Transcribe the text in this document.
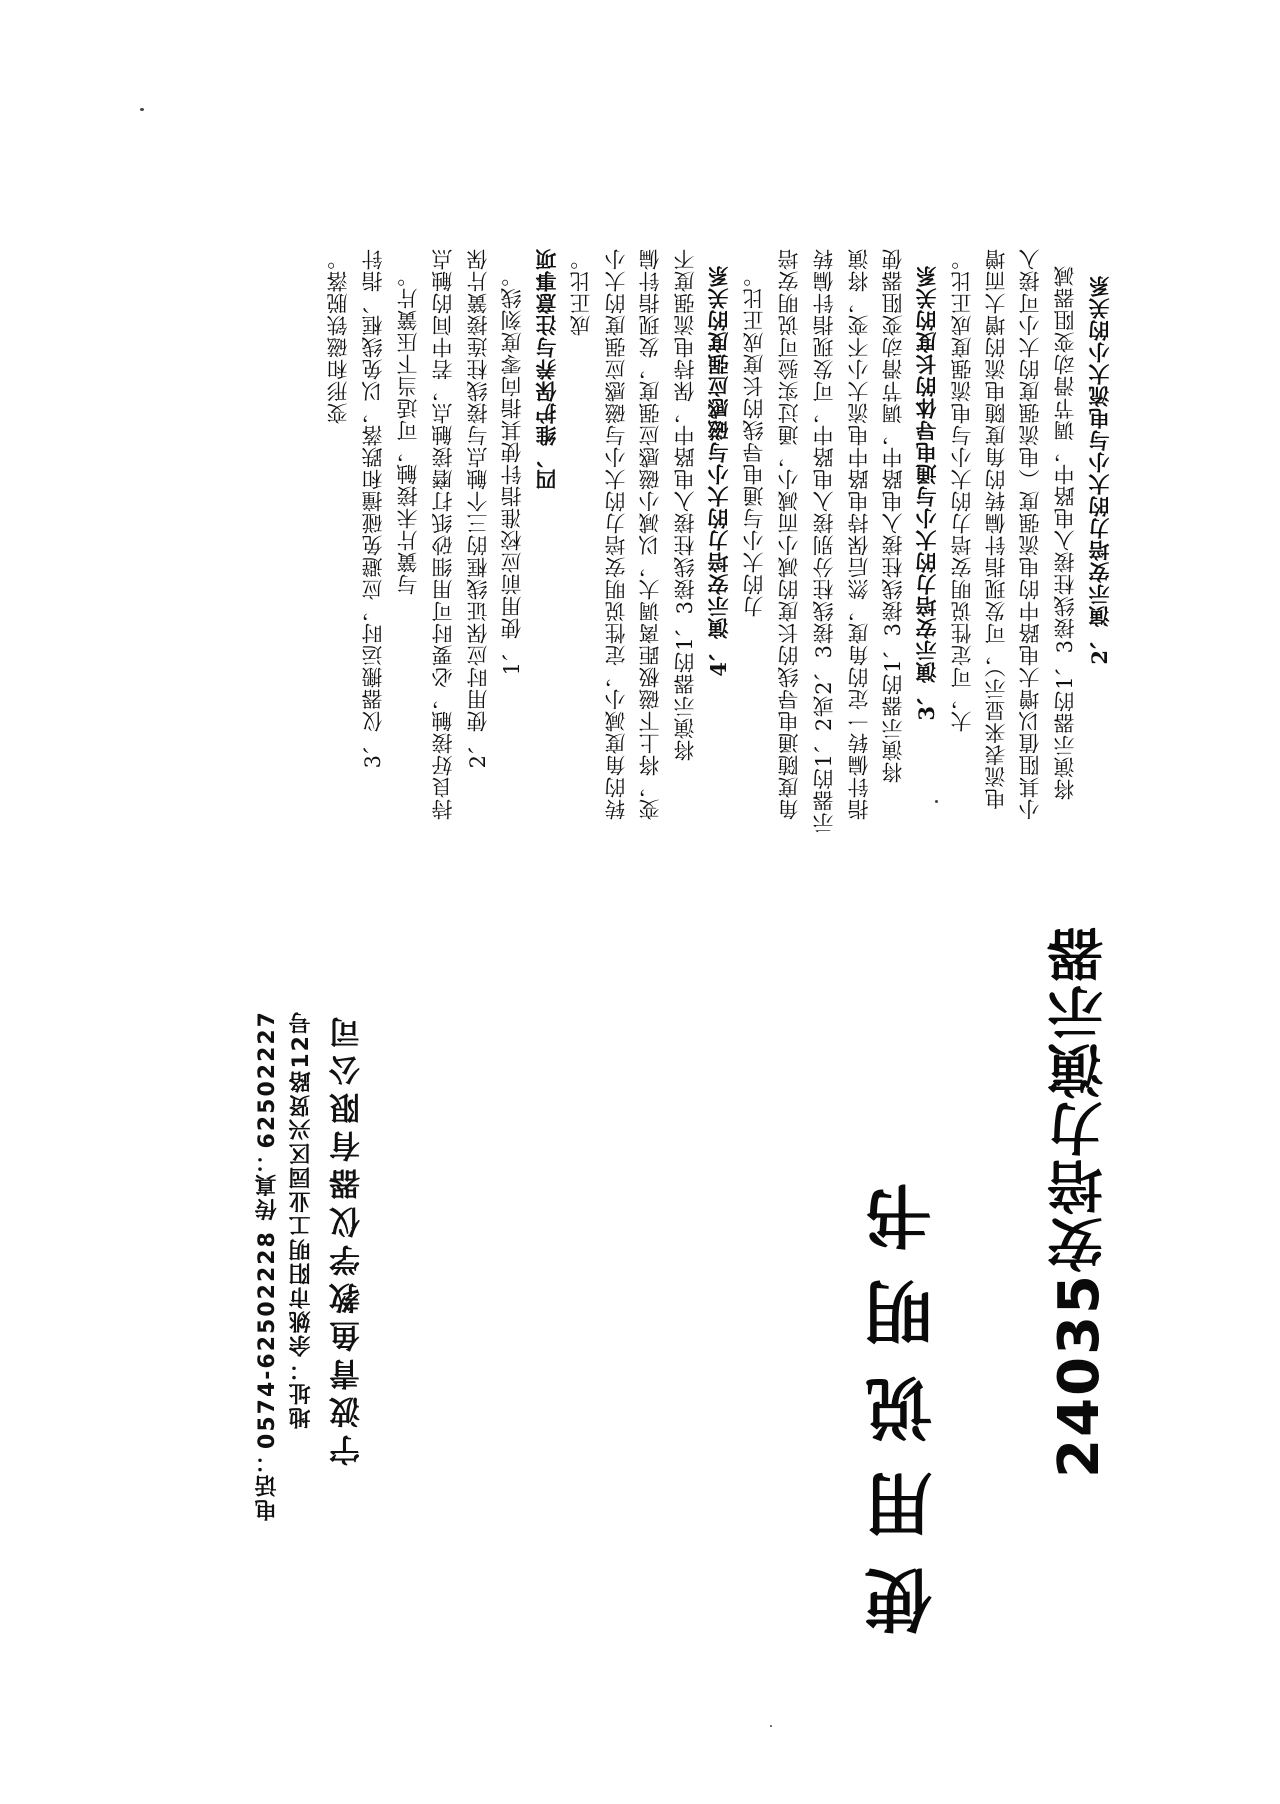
2、演示安培力的大小与电流大小的关系
将演示器的1、3接线柱接入电路中，调节滑动变阻器减
小其阻值以增大电路中的电流强度（电流强度的大小可接入
电流表来显示），可发现指针偏转的角度随电流的增大而增
大，可定性说明安培力的大小与电流强度成正比。
3、演示安培力的大小与通电导体的长度的关系
将演示器的1、3接线柱接入电路中，调节滑动变阻器使
指针偏转一定的角度，然后保持电路中电流大小不变，将演
示器的1、2或2、3接线柱分别接入电路中，可发现指针偏转
角度随通电导线的长度的减小而减小，通过实验可说明安培
力的大小与通电导线的长度成正比。
4、演示安培力的大小与磁感应强度的关系
将演示器的1、3接线柱接入电路中，保持电流强度不
变，将上下磁极距离调大，以减小磁感应强度，发现指针偏
转的角度减小，定性说明安培力的大小与磁感应强度的大小
成正比。
四、维护保养与注意事项
1、使用前应校准指针使其指向零度刻线。
2、使用时应保证线框的三个触点与接线柱连接簧片保
持良好接触，必要时可用细砂纸打磨接触点，若中间的触点
与簧片未接触，可适当下压簧片。
3、仪器搬运时，应避免碰撞和跌落，以免线框、指针
变形和磁铁脱落。
24035安培力演示器
使用说明书
宁波青鱼教学仪器有限公司
地址：余姚市阳明工业园区兴贤路12号
电话：0574-62502228 传真：62502227
